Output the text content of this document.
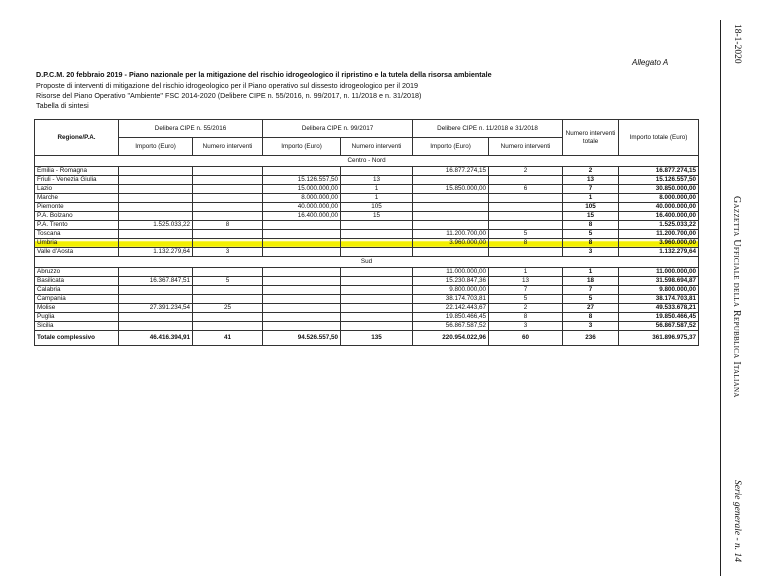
Allegato A
D.P.C.M. 20 febbraio 2019 - Piano nazionale per la mitigazione del rischio idrogeologico il ripristino e la tutela della risorsa ambientale
Proposte di interventi di mitigazione del rischio idrogeologico per il Piano operativo sul dissesto idrogeologico per il 2019
Risorse del Piano Operativo "Ambiente" FSC 2014-2020 (Delibere CIPE n. 55/2016, n. 99/2017, n. 11/2018 e n. 31/2018)
Tabella di sintesi
18-1-2020
Gazzetta Ufficiale della Repubblica Italiana
Serie generale - n. 14
Regione/P.A.	Delibera CIPE n. 55/2016		Delibera CIPE n. 99/2017		Delibere CIPE n. 11/2018 e 31/2018		Numero interventi totale	Importo totale (Euro)
	Importo (Euro)	Numero interventi	Importo (Euro)	Numero interventi	Importo (Euro)	Numero interventi		
Centro - Nord								
Emilia - Romagna					16.877.274,15	2	2	16.877.274,15
Friuli - Venezia Giulia			15.126.557,50	13			13	15.126.557,50
Lazio			15.000.000,00	1	15.850.000,00	6	7	30.850.000,00
Marche			8.000.000,00	1			1	8.000.000,00
Piemonte			40.000.000,00	105			105	40.000.000,00
P.A. Bolzano			16.400.000,00	15			15	16.400.000,00
P.A. Trento	1.525.033,22	8					8	1.525.033,22
Toscana					11.200.700,00	5	5	11.200.700,00
Umbria					3.960.000,00	8	8	3.960.000,00
Valle d'Aosta	1.132.279,64	3					3	1.132.279,64
Sud								
Abruzzo					11.000.000,00	1	1	11.000.000,00
Basilicata	16.367.847,51	5			15.230.847,36	13	18	31.598.694,87
Calabria					9.800.000,00	7	7	9.800.000,00
Campania					38.174.703,81	5	5	38.174.703,81
Molise	27.391.234,54	25			22.142.443,67	2	27	49.533.678,21
Puglia					19.850.466,45	8	8	19.850.466,45
Sicilia					56.867.587,52	3	3	56.867.587,52
Totale complessivo	46.416.394,91	41	94.526.557,50	135	220.954.022,96	60	236	361.896.975,37
